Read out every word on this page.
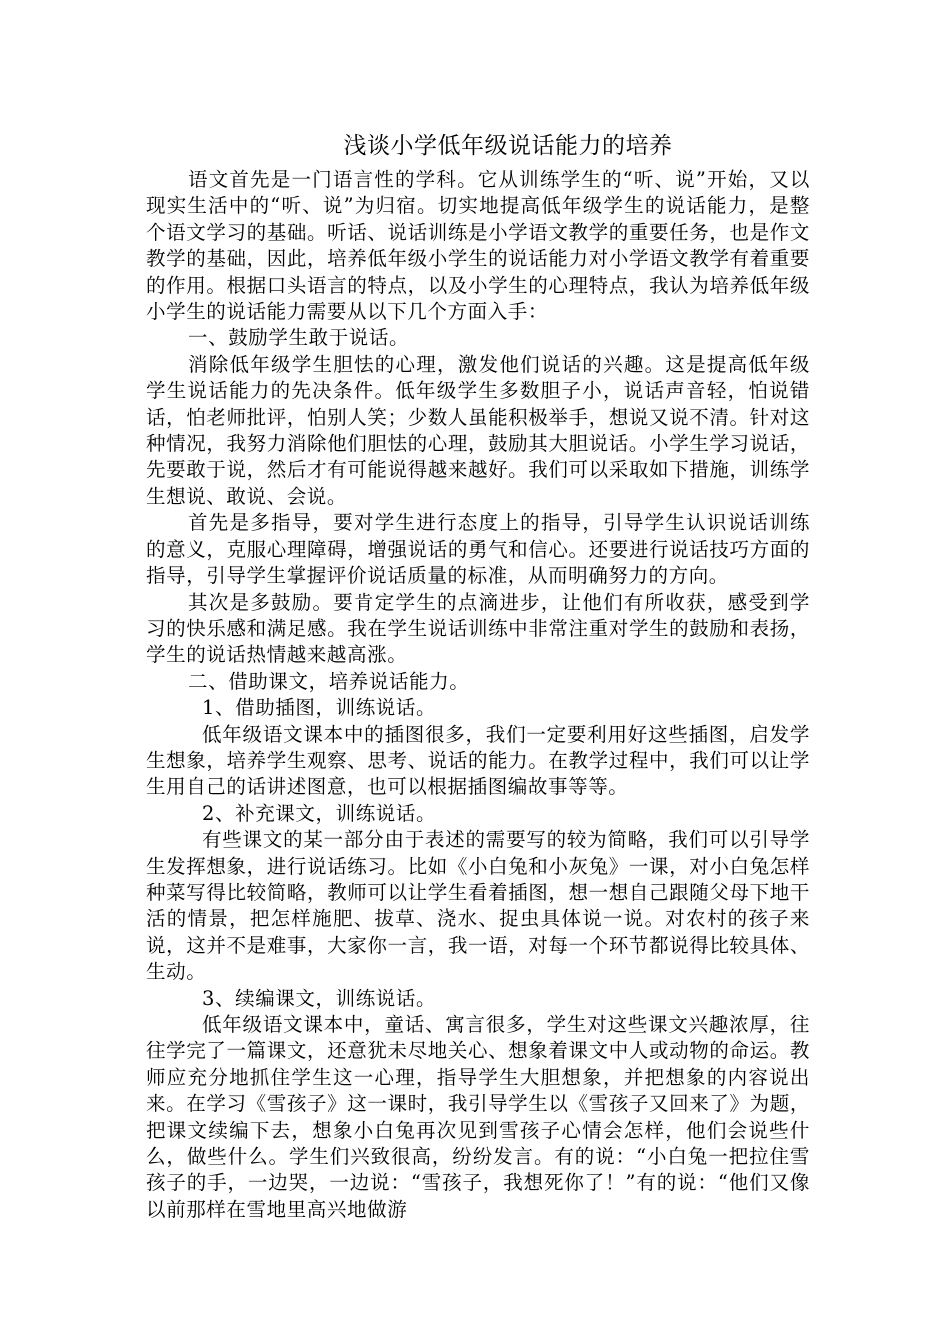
浅谈小学低年级说话能力的培养

语文首先是一门语言性的学科。它从训练学生的“听、说”开始，又以现实生活中的“听、说”为归宿。切实地提高低年级学生的说话能力，是整个语文学习的基础。听话、说话训练是小学语文教学的重要任务，也是作文教学的基础，因此，培养低年级小学生的说话能力对小学语文教学有着重要的作用。根据口头语言的特点，以及小学生的心理特点，我认为培养低年级小学生的说话能力需要从以下几个方面入手：

一、鼓励学生敢于说话。

消除低年级学生胆怯的心理，激发他们说话的兴趣。这是提高低年级学生说话能力的先决条件。低年级学生多数胆子小，说话声音轻，怕说错话，怕老师批评，怕别人笑；少数人虽能积极举手，想说又说不清。针对这种情况，我努力消除他们胆怯的心理，鼓励其大胆说话。小学生学习说话，先要敢于说，然后才有可能说得越来越好。我们可以采取如下措施，训练学生想说、敢说、会说。

首先是多指导，要对学生进行态度上的指导，引导学生认识说话训练的意义，克服心理障碍，增强说话的勇气和信心。还要进行说话技巧方面的指导，引导学生掌握评价说话质量的标准，从而明确努力的方向。

其次是多鼓励。要肯定学生的点滴进步，让他们有所收获，感受到学习的快乐感和满足感。我在学生说话训练中非常注重对学生的鼓励和表扬，学生的说话热情越来越高涨。

二、借助课文，培养说话能力。

1、借助插图，训练说话。

低年级语文课本中的插图很多，我们一定要利用好这些插图，启发学生想象，培养学生观察、思考、说话的能力。在教学过程中，我们可以让学生用自己的话讲述图意，也可以根据插图编故事等等。

2、补充课文，训练说话。

有些课文的某一部分由于表述的需要写的较为简略，我们可以引导学生发挥想象，进行说话练习。比如《小白兔和小灰兔》一课，对小白兔怎样种菜写得比较简略，教师可以让学生看着插图，想一想自己跟随父母下地干活的情景，把怎样施肥、拔草、浇水、捉虫具体说一说。对农村的孩子来说，这并不是难事，大家你一言，我一语，对每一个环节都说得比较具体、生动。

3、续编课文，训练说话。

低年级语文课本中，童话、寓言很多，学生对这些课文兴趣浓厚，往往学完了一篇课文，还意犹未尽地关心、想象着课文中人或动物的命运。教师应充分地抓住学生这一心理，指导学生大胆想象，并把想象的内容说出来。在学习《雪孩子》这一课时，我引导学生以《雪孩子又回来了》为题，把课文续编下去，想象小白兔再次见到雪孩子心情会怎样，他们会说些什么，做些什么。学生们兴致很高，纷纷发言。有的说：“小白兔一把拉住雪孩子的手，一边哭，一边说：“雪孩子，我想死你了！”有的说：“他们又像以前那样在雪地里高兴地做游
